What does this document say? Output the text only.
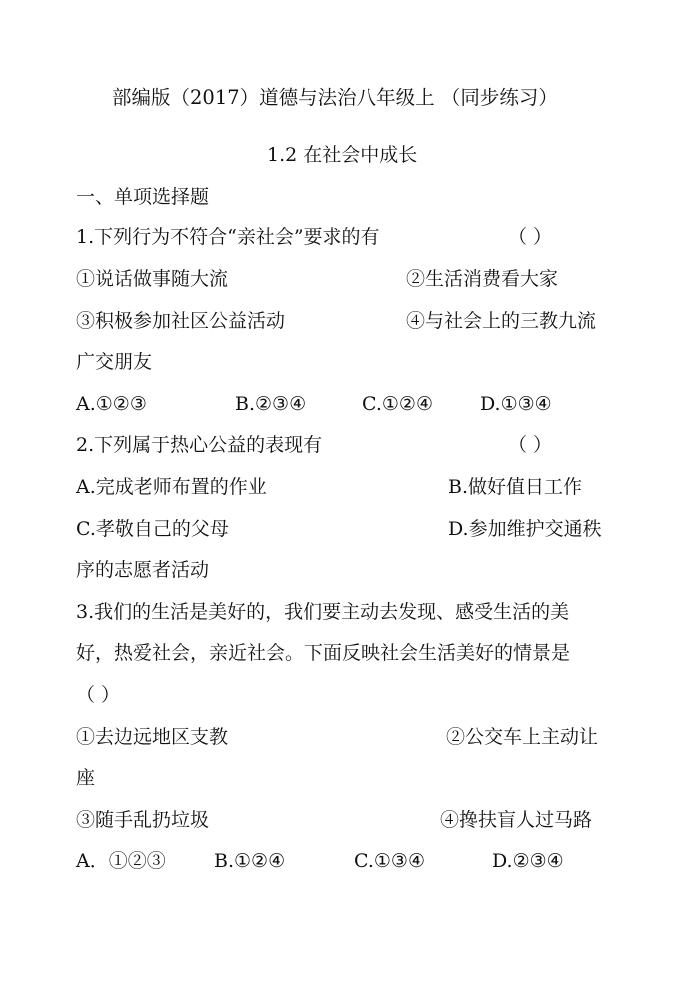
部编版（2017）道德与法治八年级上 （同步练习）
1.2 在社会中成长
一、单项选择题
1.下列行为不符合“亲社会”要求的有	（ ）
①说话做事随大流	②生活消费看大家
③积极参加社区公益活动	④与社会上的三教九流
广交朋友
A.①②③	B.②③④	C.①②④ D.①③④
2.下列属于热心公益的表现有	（ ）
A.完成老师布置的作业	B.做好值日工作
C.孝敬自己的父母	D.参加维护交通秩
序的志愿者活动
3.我们的生活是美好的，我们要主动去发现、感受生活的美
好，热爱社会，亲近社会。下面反映社会生活美好的情景是
（ ）
①去边远地区支教	②公交车上主动让
座
③随手乱扔垃圾	④搀扶盲人过马路
A．①②③	B.①②④	C.①③④	D.②③④
